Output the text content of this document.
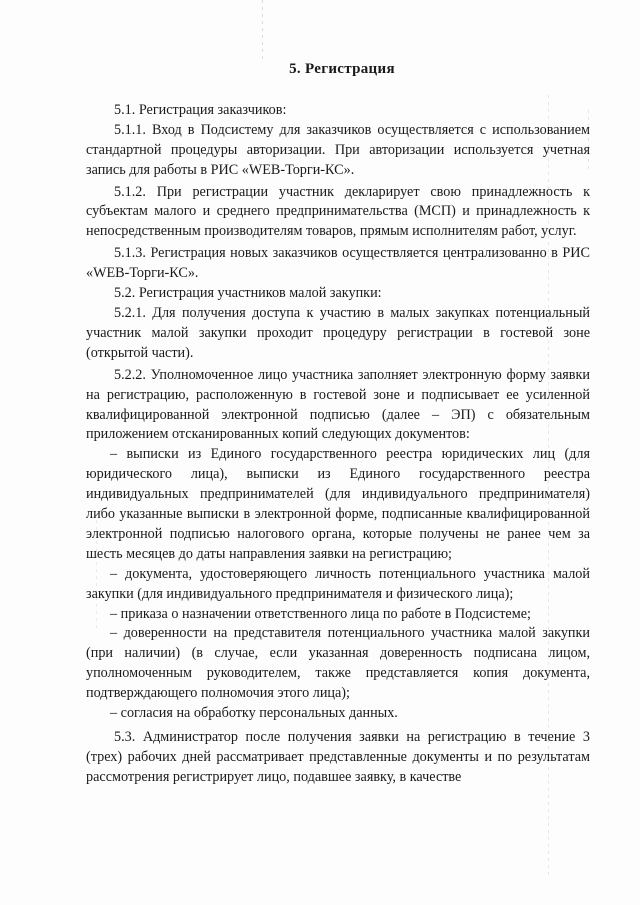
5. Регистрация

5.1. Регистрация заказчиков:

5.1.1. Вход в Подсистему для заказчиков осуществляется с использованием стандартной процедуры авторизации. При авторизации используется учетная запись для работы в РИС «WEB-Торги-КС».

5.1.2. При регистрации участник декларирует свою принадлежность к субъектам малого и среднего предпринимательства (МСП) и принадлежность к непосредственным производителям товаров, прямым исполнителям работ, услуг.

5.1.3. Регистрация новых заказчиков осуществляется централизованно в РИС «WEB-Торги-КС».

5.2. Регистрация участников малой закупки:

5.2.1. Для получения доступа к участию в малых закупках потенциальный участник малой закупки проходит процедуру регистрации в гостевой зоне (открытой части).

5.2.2. Уполномоченное лицо участника заполняет электронную форму заявки на регистрацию, расположенную в гостевой зоне и подписывает ее усиленной квалифицированной электронной подписью (далее – ЭП) с обязательным приложением отсканированных копий следующих документов:

– выписки из Единого государственного реестра юридических лиц (для юридического лица), выписки из Единого государственного реестра индивидуальных предпринимателей (для индивидуального предпринимателя) либо указанные выписки в электронной форме, подписанные квалифицированной электронной подписью налогового органа, которые получены не ранее чем за шесть месяцев до даты направления заявки на регистрацию;

– документа, удостоверяющего личность потенциального участника малой закупки (для индивидуального предпринимателя и физического лица);

– приказа о назначении ответственного лица по работе в Подсистеме;

– доверенности на представителя потенциального участника малой закупки (при наличии) (в случае, если указанная доверенность подписана лицом, уполномоченным руководителем, также представляется копия документа, подтверждающего полномочия этого лица);

– согласия на обработку персональных данных.

5.3. Администратор после получения заявки на регистрацию в течение 3 (трех) рабочих дней рассматривает представленные документы и по результатам рассмотрения регистрирует лицо, подавшее заявку, в качестве
